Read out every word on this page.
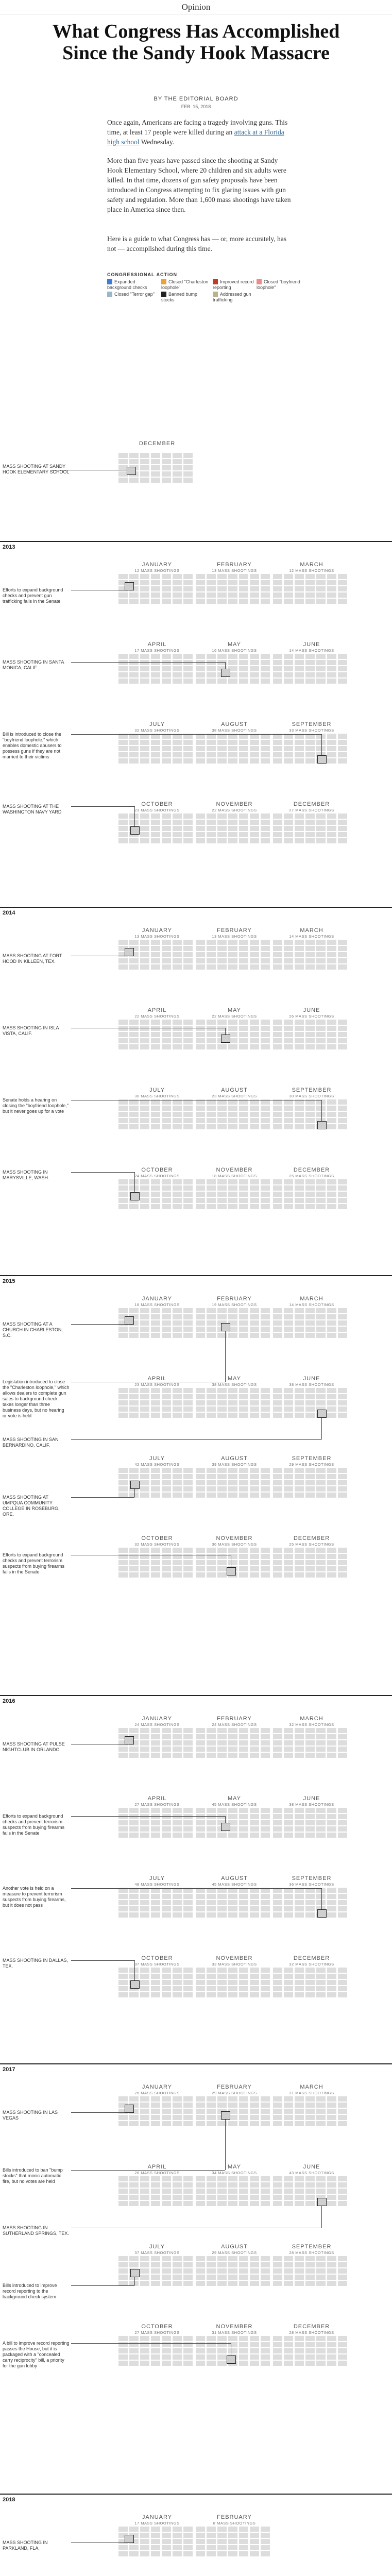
Opinion
What Congress Has Accomplished
Since the Sandy Hook Massacre
BY THE EDITORIAL BOARD
FEB. 15, 2018
Once again, Americans are facing a tragedy involving guns. This time, at least 17 people were killed during an attack at a Florida high school Wednesday.
More than five years have passed since the shooting at Sandy Hook Elementary School, where 20 children and six adults were killed. In that time, dozens of gun safety proposals have been introduced in Congress attempting to fix glaring issues with gun safety and regulation. More than 1,600 mass shootings have taken place in America since then.
Here is a guide to what Congress has — or, more accurately, has not — accomplished during this time.
CONGRESSIONAL ACTION
Expanded background checks
Closed "Charleston loophole"
Improved record reporting
Closed "boyfriend loophole"
Closed "Terror gap"	Banned bump stocks
Addressed gun trafficking
DECEMBER
MASS SHOOTING AT SANDY HOOK ELEMENTARY SCHOOL
2013
JANUARY
12 MASS SHOOTINGS
FEBRUARY
13 MASS SHOOTINGS
MARCH
12 MASS SHOOTINGS
APRIL
17 MASS SHOOTINGS
MAY
16 MASS SHOOTINGS
JUNE
14 MASS SHOOTINGS
JULY
32 MASS SHOOTINGS
AUGUST
38 MASS SHOOTINGS
SEPTEMBER
33 MASS SHOOTINGS
OCTOBER
23 MASS SHOOTINGS
NOVEMBER
22 MASS SHOOTINGS
DECEMBER
27 MASS SHOOTINGS
Efforts to expand background checks and prevent gun trafficking fails in the Senate
MASS SHOOTING IN SANTA MONICA, CALIF.
Bill is introduced to close the "boyfriend loophole," which enables domestic abusers to possess guns if they are not married to their victims
MASS SHOOTING AT THE WASHINGTON NAVY YARD
2014
JANUARY
13 MASS SHOOTINGS
FEBRUARY
13 MASS SHOOTINGS
MARCH
14 MASS SHOOTINGS
APRIL
22 MASS SHOOTINGS
MAY
22 MASS SHOOTINGS
JUNE
26 MASS SHOOTINGS
JULY
30 MASS SHOOTINGS
AUGUST
23 MASS SHOOTINGS
SEPTEMBER
30 MASS SHOOTINGS
OCTOBER
24 MASS SHOOTINGS
NOVEMBER
18 MASS SHOOTINGS
DECEMBER
25 MASS SHOOTINGS
MASS SHOOTING AT FORT HOOD IN KILLEEN, TEX.
MASS SHOOTING IN ISLA VISTA, CALIF.
Senate holds a hearing on closing the "boyfriend loophole," but it never goes up for a vote
MASS SHOOTING IN MARYSVILLE, WASH.
2015
JANUARY
18 MASS SHOOTINGS
FEBRUARY
19 MASS SHOOTINGS
MARCH
14 MASS SHOOTINGS
APRIL
23 MASS SHOOTINGS
MAY
38 MASS SHOOTINGS
JUNE
38 MASS SHOOTINGS
JULY
42 MASS SHOOTINGS
AUGUST
39 MASS SHOOTINGS
SEPTEMBER
29 MASS SHOOTINGS
OCTOBER
32 MASS SHOOTINGS
NOVEMBER
36 MASS SHOOTINGS
DECEMBER
25 MASS SHOOTINGS
MASS SHOOTING AT A CHURCH IN CHARLESTON, S.C.
Legislation introduced to close the "Charleston loophole," which allows dealers to complete gun sales to background check takes longer than three business days, but no hearing or vote is held
MASS SHOOTING IN SAN BERNARDINO, CALIF.
MASS SHOOTING AT UMPQUA COMMUNITY COLLEGE IN ROSEBURG, ORE.
Efforts to expand background checks and prevent terrorism suspects from buying firearms fails in the Senate
2016
JANUARY
24 MASS SHOOTINGS
FEBRUARY
24 MASS SHOOTINGS
MARCH
32 MASS SHOOTINGS
APRIL
27 MASS SHOOTINGS
MAY
45 MASS SHOOTINGS
JUNE
38 MASS SHOOTINGS
JULY
48 MASS SHOOTINGS
AUGUST
45 MASS SHOOTINGS
SEPTEMBER
36 MASS SHOOTINGS
OCTOBER
37 MASS SHOOTINGS
NOVEMBER
33 MASS SHOOTINGS
DECEMBER
32 MASS SHOOTINGS
MASS SHOOTING AT PULSE NIGHTCLUB IN ORLANDO
Efforts to expand background checks and prevent terrorism suspects from buying firearms fails in the Senate
Another vote is held on a measure to prevent terrorism suspects from buying firearms, but it does not pass
MASS SHOOTING IN DALLAS, TEX.
2017
JANUARY
26 MASS SHOOTINGS
FEBRUARY
29 MASS SHOOTINGS
MARCH
31 MASS SHOOTINGS
APRIL
26 MASS SHOOTINGS
MAY
34 MASS SHOOTINGS
JUNE
43 MASS SHOOTINGS
JULY
37 MASS SHOOTINGS
AUGUST
29 MASS SHOOTINGS
SEPTEMBER
28 MASS SHOOTINGS
OCTOBER
27 MASS SHOOTINGS
NOVEMBER
31 MASS SHOOTINGS
DECEMBER
28 MASS SHOOTINGS
MASS SHOOTING IN LAS VEGAS
Bills introduced to ban "bump stocks" that mimic automatic fire, but no votes are held
MASS SHOOTING IN SUTHERLAND SPRINGS, TEX.
Bills introduced to improve record reporting to the background check system
A bill to improve record reporting passes the House, but it is packaged with a "concealed carry reciprocity" bill, a priority for the gun lobby
2018
JANUARY
17 MASS SHOOTINGS
FEBRUARY
8 MASS SHOOTINGS
MASS SHOOTING IN PARKLAND, FLA.
